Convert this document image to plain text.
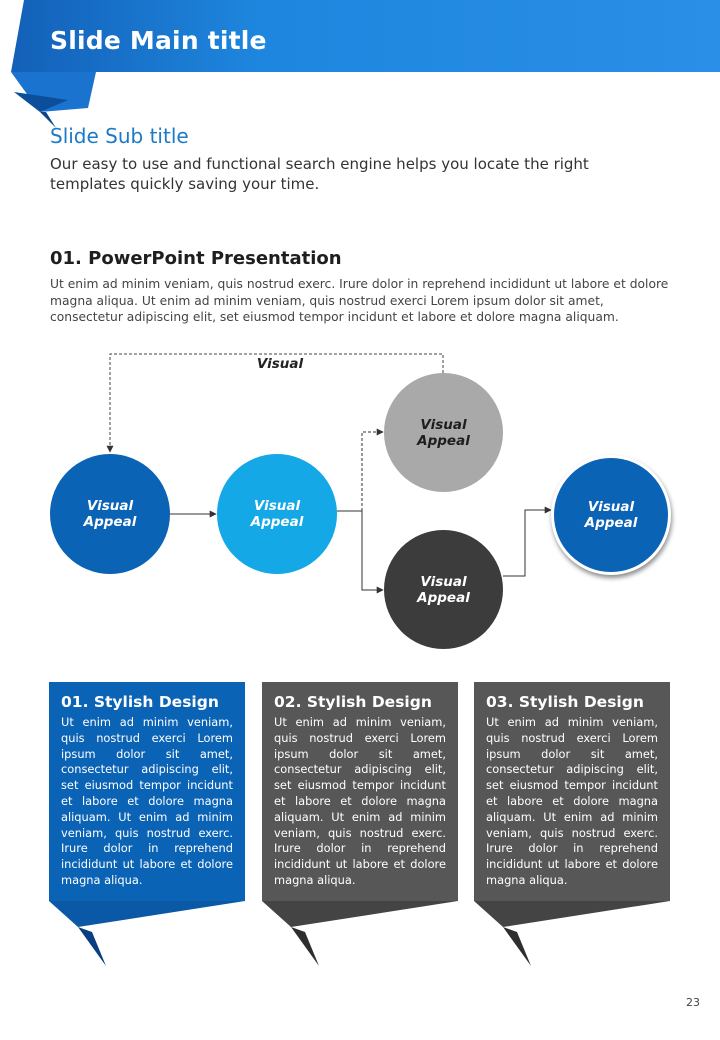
Slide Main title
Slide Sub title
Our easy to use and functional search engine helps you locate the right templates quickly saving your time.
01. PowerPoint Presentation
Ut enim ad minim veniam, quis nostrud exerc. Irure dolor in reprehend incididunt ut labore et dolore magna aliqua. Ut enim ad minim veniam, quis nostrud exerci Lorem ipsum dolor sit amet, consectetur adipiscing elit, set eiusmod tempor incidunt et labore et dolore magna aliquam.
Visual
Visual
Appeal
Visual
Appeal
Visual
Appeal
Visual
Appeal
Visual
Appeal
01. Stylish Design

Ut enim ad minim veniam, quis nostrud exerci Lorem ipsum dolor sit amet, consectetur adipiscing elit, set eiusmod tempor incidunt et labore et dolore magna aliquam. Ut enim ad minim veniam, quis nostrud exerc. Irure dolor in reprehend incididunt ut labore et dolore magna aliqua.

02. Stylish Design

Ut enim ad minim veniam, quis nostrud exerci Lorem ipsum dolor sit amet, consectetur adipiscing elit, set eiusmod tempor incidunt et labore et dolore magna aliquam. Ut enim ad minim veniam, quis nostrud exerc. Irure dolor in reprehend incididunt ut labore et dolore magna aliqua.

03. Stylish Design

Ut enim ad minim veniam, quis nostrud exerci Lorem ipsum dolor sit amet, consectetur adipiscing elit, set eiusmod tempor incidunt et labore et dolore magna aliquam. Ut enim ad minim veniam, quis nostrud exerc. Irure dolor in reprehend incididunt ut labore et dolore magna aliqua.

23
